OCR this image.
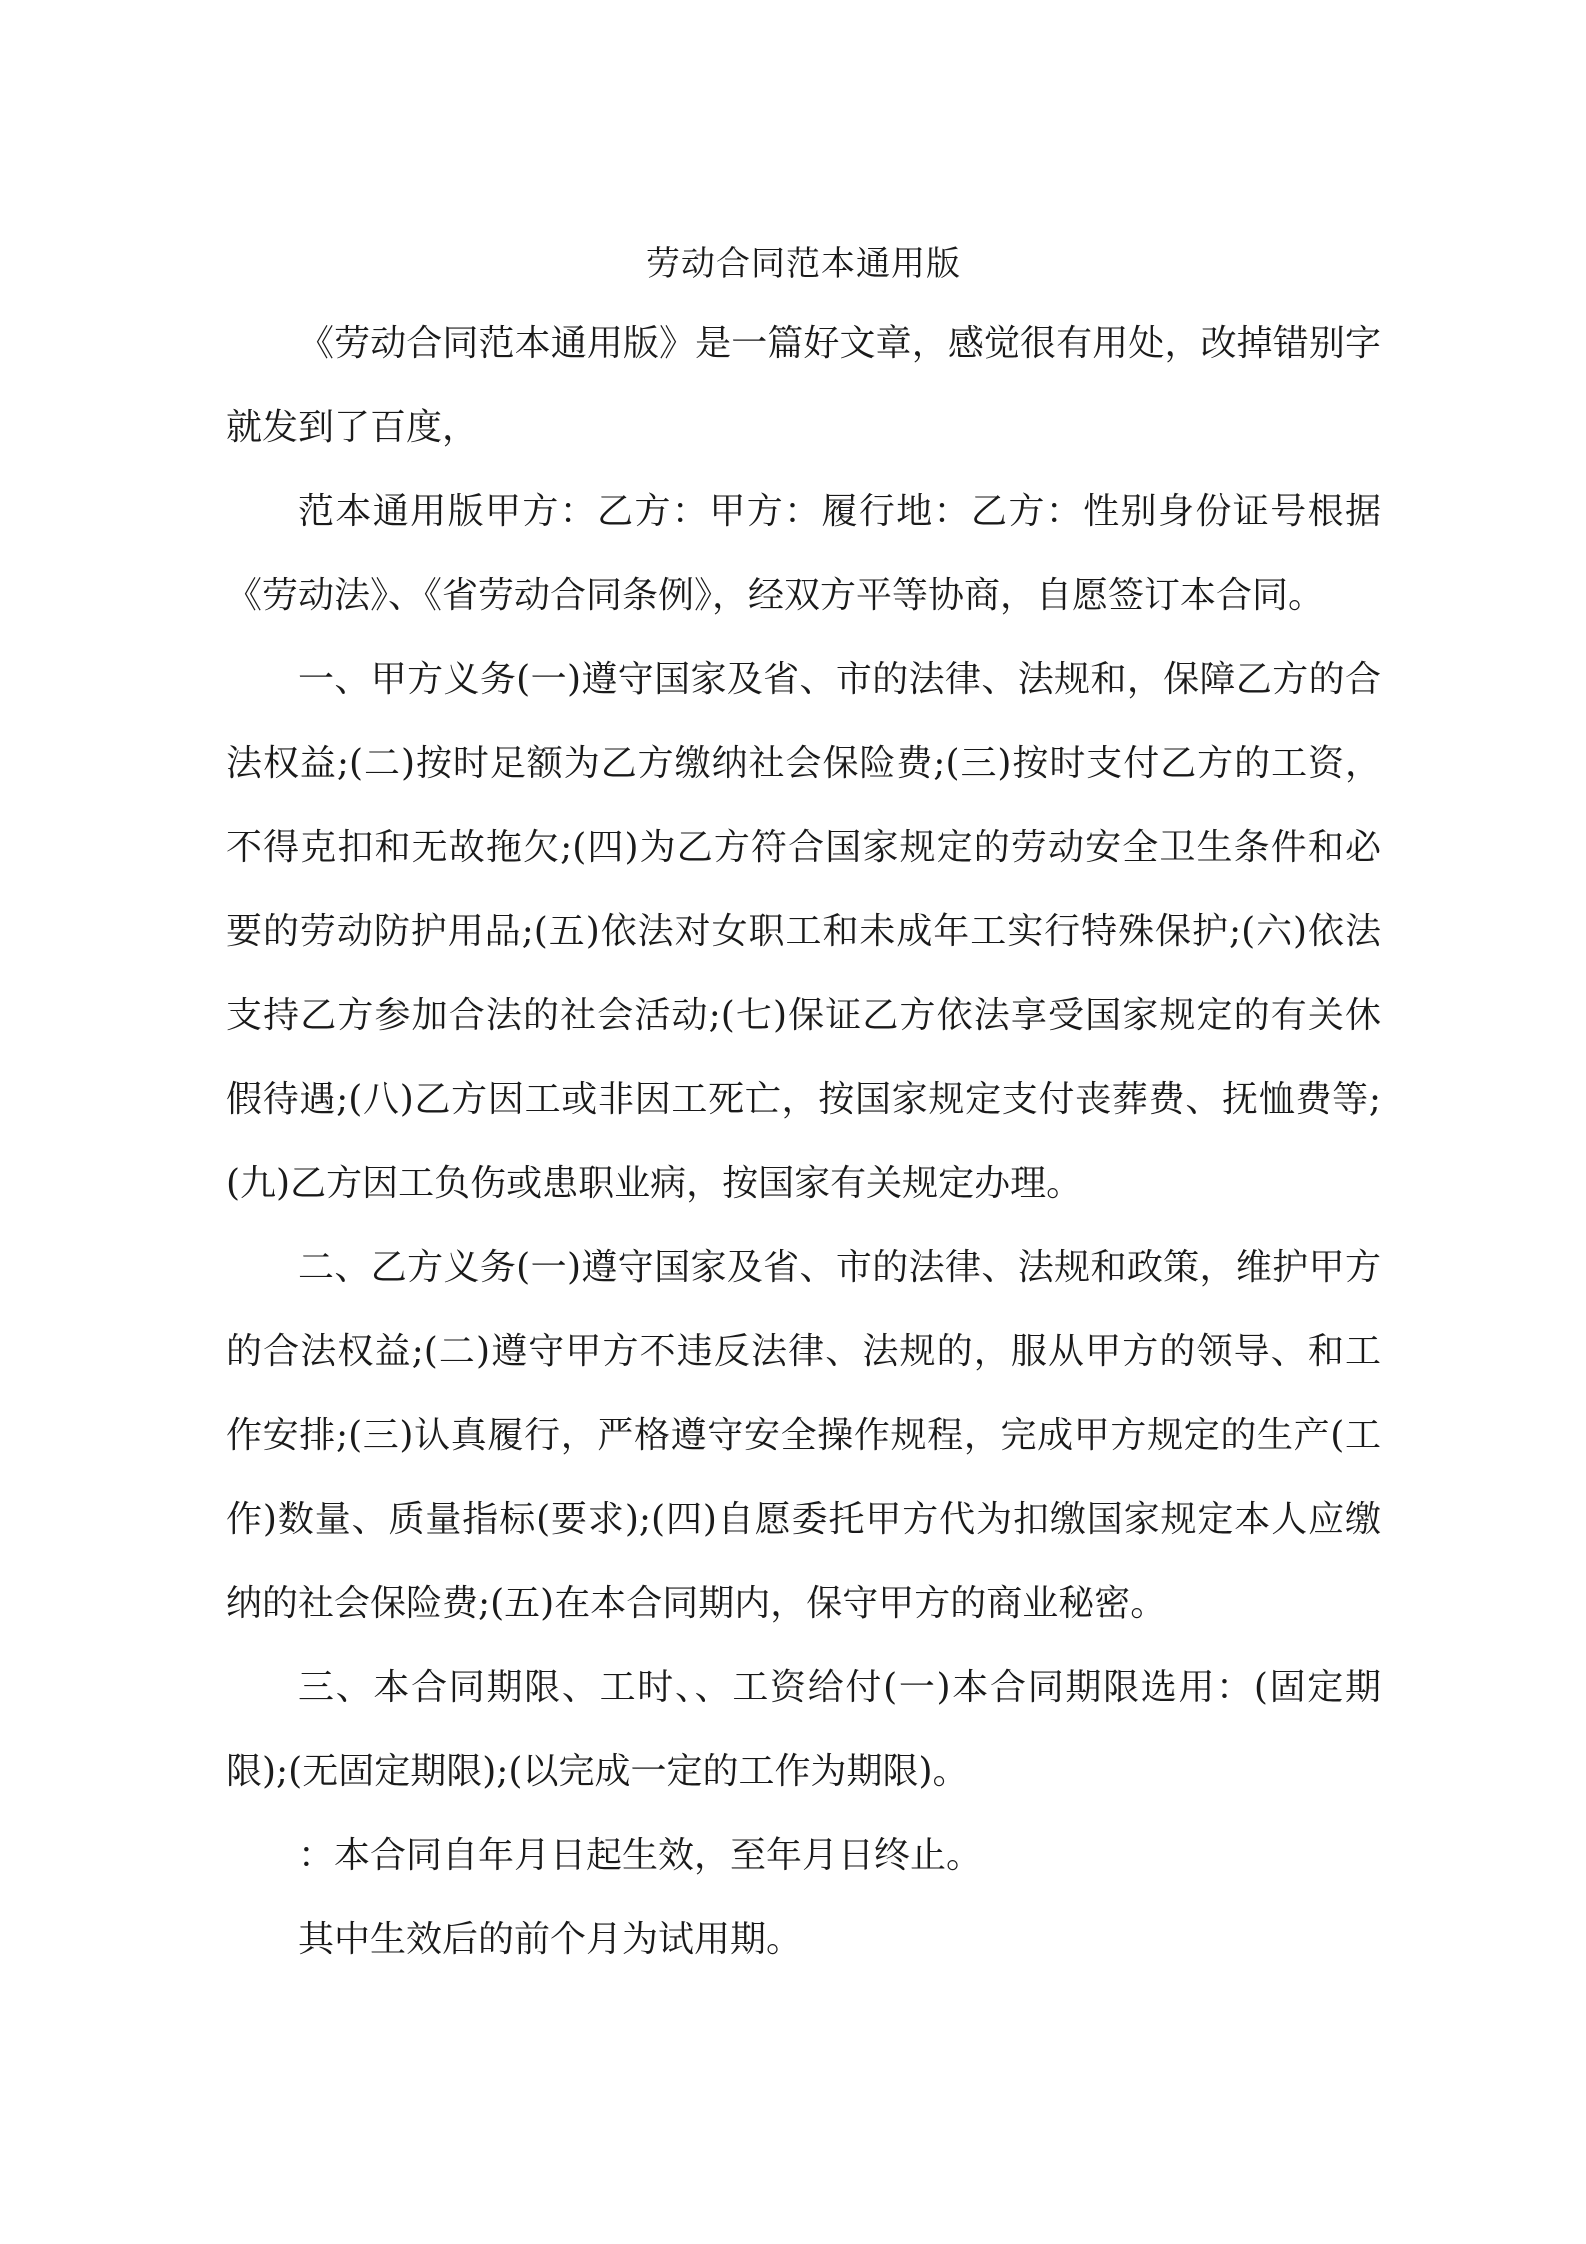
劳动合同范本通用版

《劳动合同范本通用版》是一篇好文章，感觉很有用处，改掉错别字就发到了百度，

范本通用版甲方：乙方：甲方：履行地：乙方：性别身份证号根据《劳动法》、《省劳动合同条例》，经双方平等协商，自愿签订本合同。

一、甲方义务(一)遵守国家及省、市的法律、法规和，保障乙方的合法权益;(二)按时足额为乙方缴纳社会保险费;(三)按时支付乙方的工资，不得克扣和无故拖欠;(四)为乙方符合国家规定的劳动安全卫生条件和必要的劳动防护用品;(五)依法对女职工和未成年工实行特殊保护;(六)依法支持乙方参加合法的社会活动;(七)保证乙方依法享受国家规定的有关休假待遇;(八)乙方因工或非因工死亡，按国家规定支付丧葬费、抚恤费等;(九)乙方因工负伤或患职业病，按国家有关规定办理。

二、乙方义务(一)遵守国家及省、市的法律、法规和政策，维护甲方的合法权益;(二)遵守甲方不违反法律、法规的，服从甲方的领导、和工作安排;(三)认真履行，严格遵守安全操作规程，完成甲方规定的生产(工作)数量、质量指标(要求);(四)自愿委托甲方代为扣缴国家规定本人应缴纳的社会保险费;(五)在本合同期内，保守甲方的商业秘密。

三、本合同期限、工时、、工资给付(一)本合同期限选用：(固定期限);(无固定期限);(以完成一定的工作为期限)。

：本合同自年月日起生效，至年月日终止。

其中生效后的前个月为试用期。
